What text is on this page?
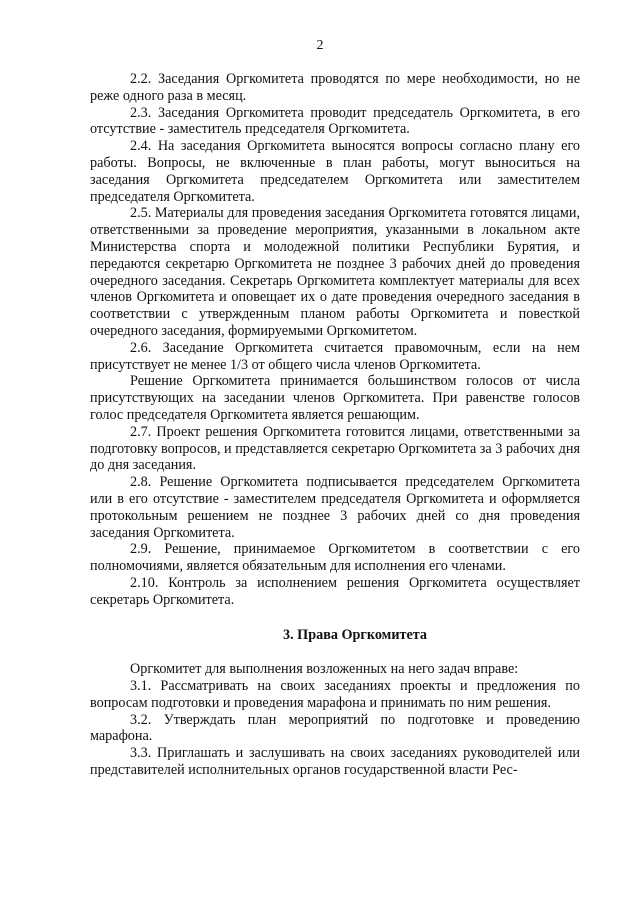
2

2.2. Заседания Оргкомитета проводятся по мере необходимости, но не реже одного раза в месяц.

2.3. Заседания Оргкомитета проводит председатель Оргкомитета, в его отсутствие - заместитель председателя Оргкомитета.

2.4. На заседания Оргкомитета выносятся вопросы согласно плану его работы. Вопросы, не включенные в план работы, могут выноситься на заседания Оргкомитета председателем Оргкомитета или заместителем председателя Оргкомитета.

2.5. Материалы для проведения заседания Оргкомитета готовятся лицами, ответственными за проведение мероприятия, указанными в локальном акте Министерства спорта и молодежной политики Республики Бурятия, и передаются секретарю Оргкомитета не позднее 3 рабочих дней до проведения очередного заседания. Секретарь Оргкомитета комплектует материалы для всех членов Оргкомитета и оповещает их о дате проведения очередного заседания в соответствии с утвержденным планом работы Оргкомитета и повесткой очередного заседания, формируемыми Оргкомитетом.

2.6. Заседание Оргкомитета считается правомочным, если на нем присутствует не менее 1/3 от общего числа членов Оргкомитета.

Решение Оргкомитета принимается большинством голосов от числа присутствующих на заседании членов Оргкомитета. При равенстве голосов голос председателя Оргкомитета является решающим.

2.7. Проект решения Оргкомитета готовится лицами, ответственными за подготовку вопросов, и представляется секретарю Оргкомитета за 3 рабочих дня до дня заседания.

2.8. Решение Оргкомитета подписывается председателем Оргкомитета или в его отсутствие - заместителем председателя Оргкомитета и оформляется протокольным решением не позднее 3 рабочих дней со дня проведения заседания Оргкомитета.

2.9. Решение, принимаемое Оргкомитетом в соответствии с его полномочиями, является обязательным для исполнения его членами.

2.10. Контроль за исполнением решения Оргкомитета осуществляет секретарь Оргкомитета.

3. Права Оргкомитета

Оргкомитет для выполнения возложенных на него задач вправе:

3.1. Рассматривать на своих заседаниях проекты и предложения по вопросам подготовки и проведения марафона и принимать по ним решения.

3.2. Утверждать план мероприятий по подготовке и проведению марафона.

3.3. Приглашать и заслушивать на своих заседаниях руководителей или представителей исполнительных органов государственной власти Рес-
